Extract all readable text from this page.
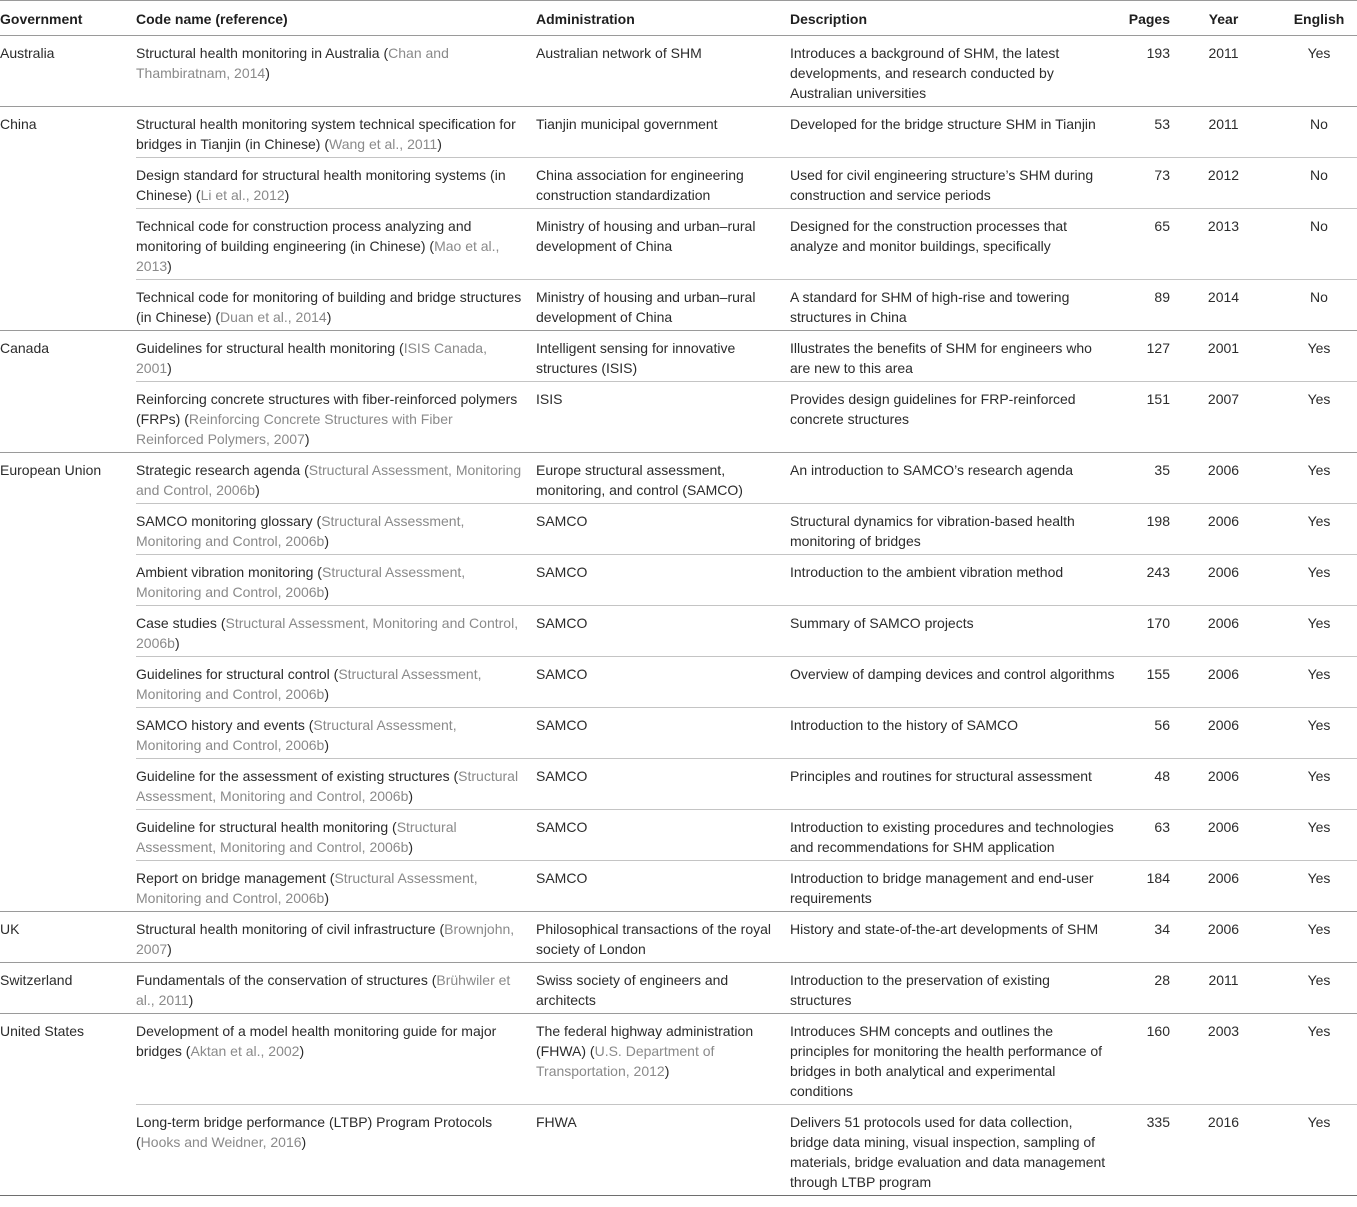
Government	Code name (reference)	Administration	Description	Pages	Year	English
Australia	Structural health monitoring in Australia (Chan and Thambiratnam, 2014)	Australian network of SHM	Introduces a background of SHM, the latest developments, and research conducted by Australian universities	193	2011	Yes
China	Structural health monitoring system technical specification for bridges in Tianjin (in Chinese) (Wang et al., 2011)	Tianjin municipal government	Developed for the bridge structure SHM in Tianjin	53	2011	No
	Design standard for structural health monitoring systems (in Chinese) (Li et al., 2012)	China association for engineering construction standardization	Used for civil engineering structure’s SHM during construction and service periods	73	2012	No
	Technical code for construction process analyzing and monitoring of building engineering (in Chinese) (Mao et al., 2013)	Ministry of housing and urban–rural development of China	Designed for the construction processes that analyze and monitor buildings, specifically	65	2013	No
	Technical code for monitoring of building and bridge structures (in Chinese) (Duan et al., 2014)	Ministry of housing and urban–rural development of China	A standard for SHM of high-rise and towering structures in China	89	2014	No
Canada	Guidelines for structural health monitoring (ISIS Canada, 2001)	Intelligent sensing for innovative structures (ISIS)	Illustrates the benefits of SHM for engineers who are new to this area	127	2001	Yes
	Reinforcing concrete structures with fiber-reinforced polymers (FRPs) (Reinforcing Concrete Structures with Fiber Reinforced Polymers, 2007)	ISIS	Provides design guidelines for FRP-reinforced concrete structures	151	2007	Yes
European Union	Strategic research agenda (Structural Assessment, Monitoring and Control, 2006b)	Europe structural assessment, monitoring, and control (SAMCO)	An introduction to SAMCO’s research agenda	35	2006	Yes
	SAMCO monitoring glossary (Structural Assessment, Monitoring and Control, 2006b)	SAMCO	Structural dynamics for vibration-based health monitoring of bridges	198	2006	Yes
	Ambient vibration monitoring (Structural Assessment, Monitoring and Control, 2006b)	SAMCO	Introduction to the ambient vibration method	243	2006	Yes
	Case studies (Structural Assessment, Monitoring and Control, 2006b)	SAMCO	Summary of SAMCO projects	170	2006	Yes
	Guidelines for structural control (Structural Assessment, Monitoring and Control, 2006b)	SAMCO	Overview of damping devices and control algorithms	155	2006	Yes
	SAMCO history and events (Structural Assessment, Monitoring and Control, 2006b)	SAMCO	Introduction to the history of SAMCO	56	2006	Yes
	Guideline for the assessment of existing structures (Structural Assessment, Monitoring and Control, 2006b)	SAMCO	Principles and routines for structural assessment	48	2006	Yes
	Guideline for structural health monitoring (Structural Assessment, Monitoring and Control, 2006b)	SAMCO	Introduction to existing procedures and technologies and recommendations for SHM application	63	2006	Yes
	Report on bridge management (Structural Assessment, Monitoring and Control, 2006b)	SAMCO	Introduction to bridge management and end-user requirements	184	2006	Yes
UK	Structural health monitoring of civil infrastructure (Brownjohn, 2007)	Philosophical transactions of the royal society of London	History and state-of-the-art developments of SHM	34	2006	Yes
Switzerland	Fundamentals of the conservation of structures (Brühwiler et al., 2011)	Swiss society of engineers and architects	Introduction to the preservation of existing structures	28	2011	Yes
United States	Development of a model health monitoring guide for major bridges (Aktan et al., 2002)	The federal highway administration (FHWA) (U.S. Department of Transportation, 2012)	Introduces SHM concepts and outlines the principles for monitoring the health performance of bridges in both analytical and experimental conditions	160	2003	Yes
	Long-term bridge performance (LTBP) Program Protocols (Hooks and Weidner, 2016)	FHWA	Delivers 51 protocols used for data collection, bridge data mining, visual inspection, sampling of materials, bridge evaluation and data management through LTBP program	335	2016	Yes
